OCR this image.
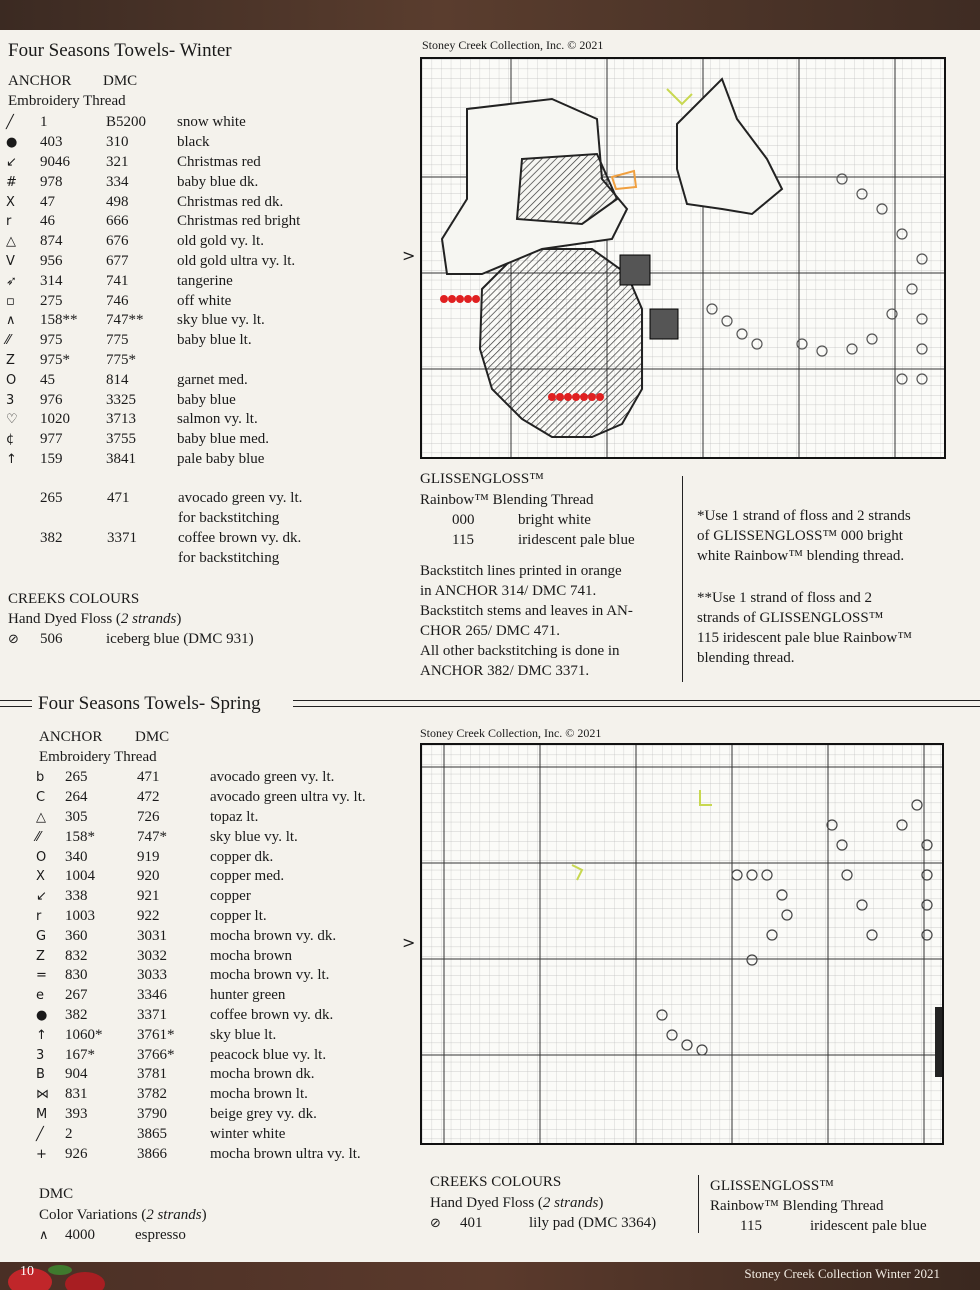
Four Seasons Towels- Winter
ANCHOR DMC
Embroidery Thread
╱	1	B5200	snow white
●	403	310	black
↙	9046	321	Christmas red
#	978	334	baby blue dk.
X	47	498	Christmas red dk.
r	46	666	Christmas red bright
△	874	676	old gold vy. lt.
V	956	677	old gold ultra vy. lt.
➶	314	741	tangerine
▫	275	746	off white
∧	158**	747**	sky blue vy. lt.
⁄⁄	975	775	baby blue lt.
Z	975*	775*	
O	45	814	garnet med.
3	976	3325	baby blue
♡	1020	3713	salmon vy. lt.
¢	977	3755	baby blue med.
↑	159	3841	pale baby blue
265	471	avocado green vy. lt.
for backstitching
382	3371	coffee brown vy. dk.
for backstitching
CREEKS COLOURS
Hand Dyed Floss (2 strands)
⊘ 506	iceberg blue (DMC 931)
Stoney Creek Collection, Inc. © 2021
>
GLISSENGLOSS™
Rainbow™ Blending Thread
000	bright white
115	iridescent pale blue
Backstitch lines printed in orange
in ANCHOR 314/ DMC 741.
Backstitch stems and leaves in AN-
CHOR 265/ DMC 471.
All other backstitching is done in
ANCHOR 382/ DMC 3371.
*Use 1 strand of floss and 2 strands
of GLISSENGLOSS™ 000 bright
white Rainbow™ blending thread.
**Use 1 strand of floss and 2
strands of GLISSENGLOSS™
115 iridescent pale blue Rainbow™
blending thread.
Four Seasons Towels- Spring
ANCHOR DMC
Embroidery Thread
b	265	471	avocado green vy. lt.
C	264	472	avocado green ultra vy. lt.
△	305	726	topaz lt.
⁄⁄	158*	747*	sky blue vy. lt.
O	340	919	copper dk.
X	1004	920	copper med.
↙	338	921	copper
r	1003	922	copper lt.
G	360	3031	mocha brown vy. dk.
Z	832	3032	mocha brown
=	830	3033	mocha brown vy. lt.
e	267	3346	hunter green
●	382	3371	coffee brown vy. dk.
↑	1060*	3761*	sky blue lt.
3	167*	3766*	peacock blue vy. lt.
B	904	3781	mocha brown dk.
⋈	831	3782	mocha brown lt.
M	393	3790	beige grey vy. dk.
╱	2	3865	winter white
+	926	3866	mocha brown ultra vy. lt.
DMC
Color Variations (2 strands)
∧ 4000	espresso
Stoney Creek Collection, Inc. © 2021
>
CREEKS COLOURS
Hand Dyed Floss (2 strands)
⊘ 401	lily pad (DMC 3364)
GLISSENGLOSS™
Rainbow™ Blending Thread
115	iridescent pale blue
10	Stoney Creek Collection Winter 2021
